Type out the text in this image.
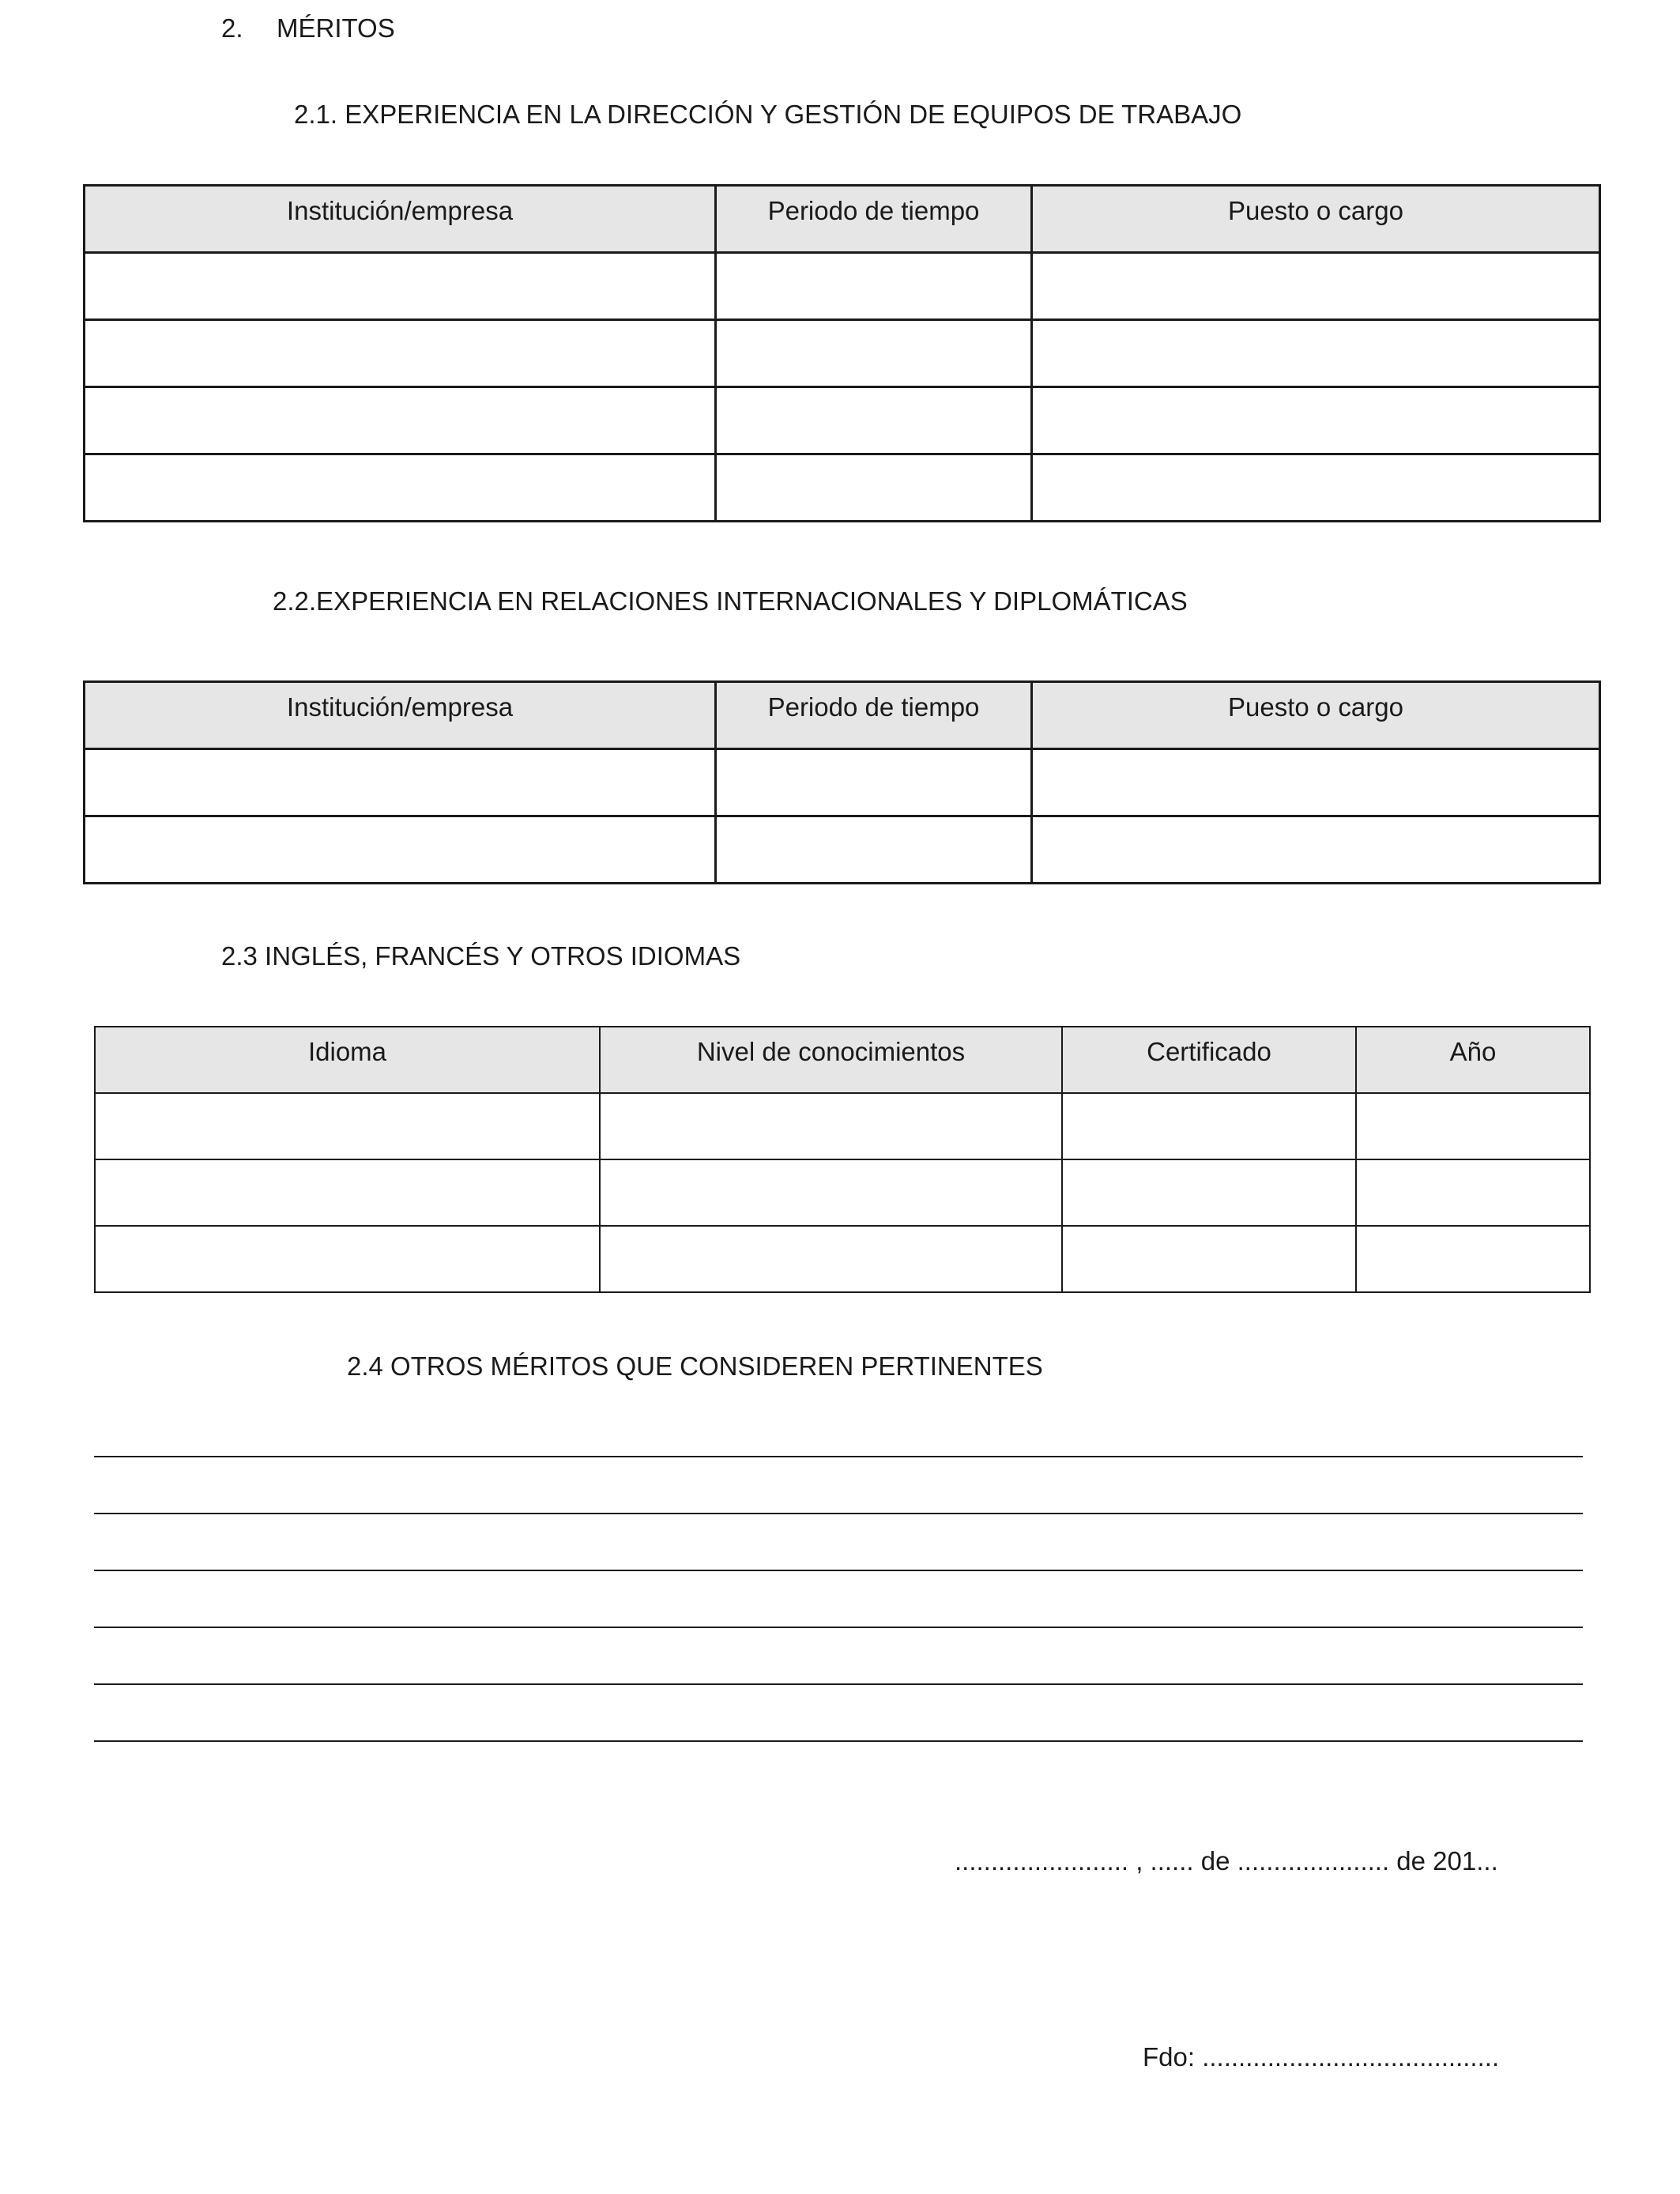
2. MÉRITOS
2.1. EXPERIENCIA EN LA DIRECCIÓN Y GESTIÓN DE EQUIPOS DE TRABAJO
Institución/empresa	Periodo de tiempo	Puesto o cargo

2.2.EXPERIENCIA EN RELACIONES INTERNACIONALES Y DIPLOMÁTICAS
Institución/empresa	Periodo de tiempo	Puesto o cargo

2.3 INGLÉS, FRANCÉS Y OTROS IDIOMAS
Idioma	Nivel de conocimientos	Certificado	Año

2.4 OTROS MÉRITOS QUE CONSIDEREN PERTINENTES
........................ , ...... de ..................... de 201...
Fdo: .........................................
